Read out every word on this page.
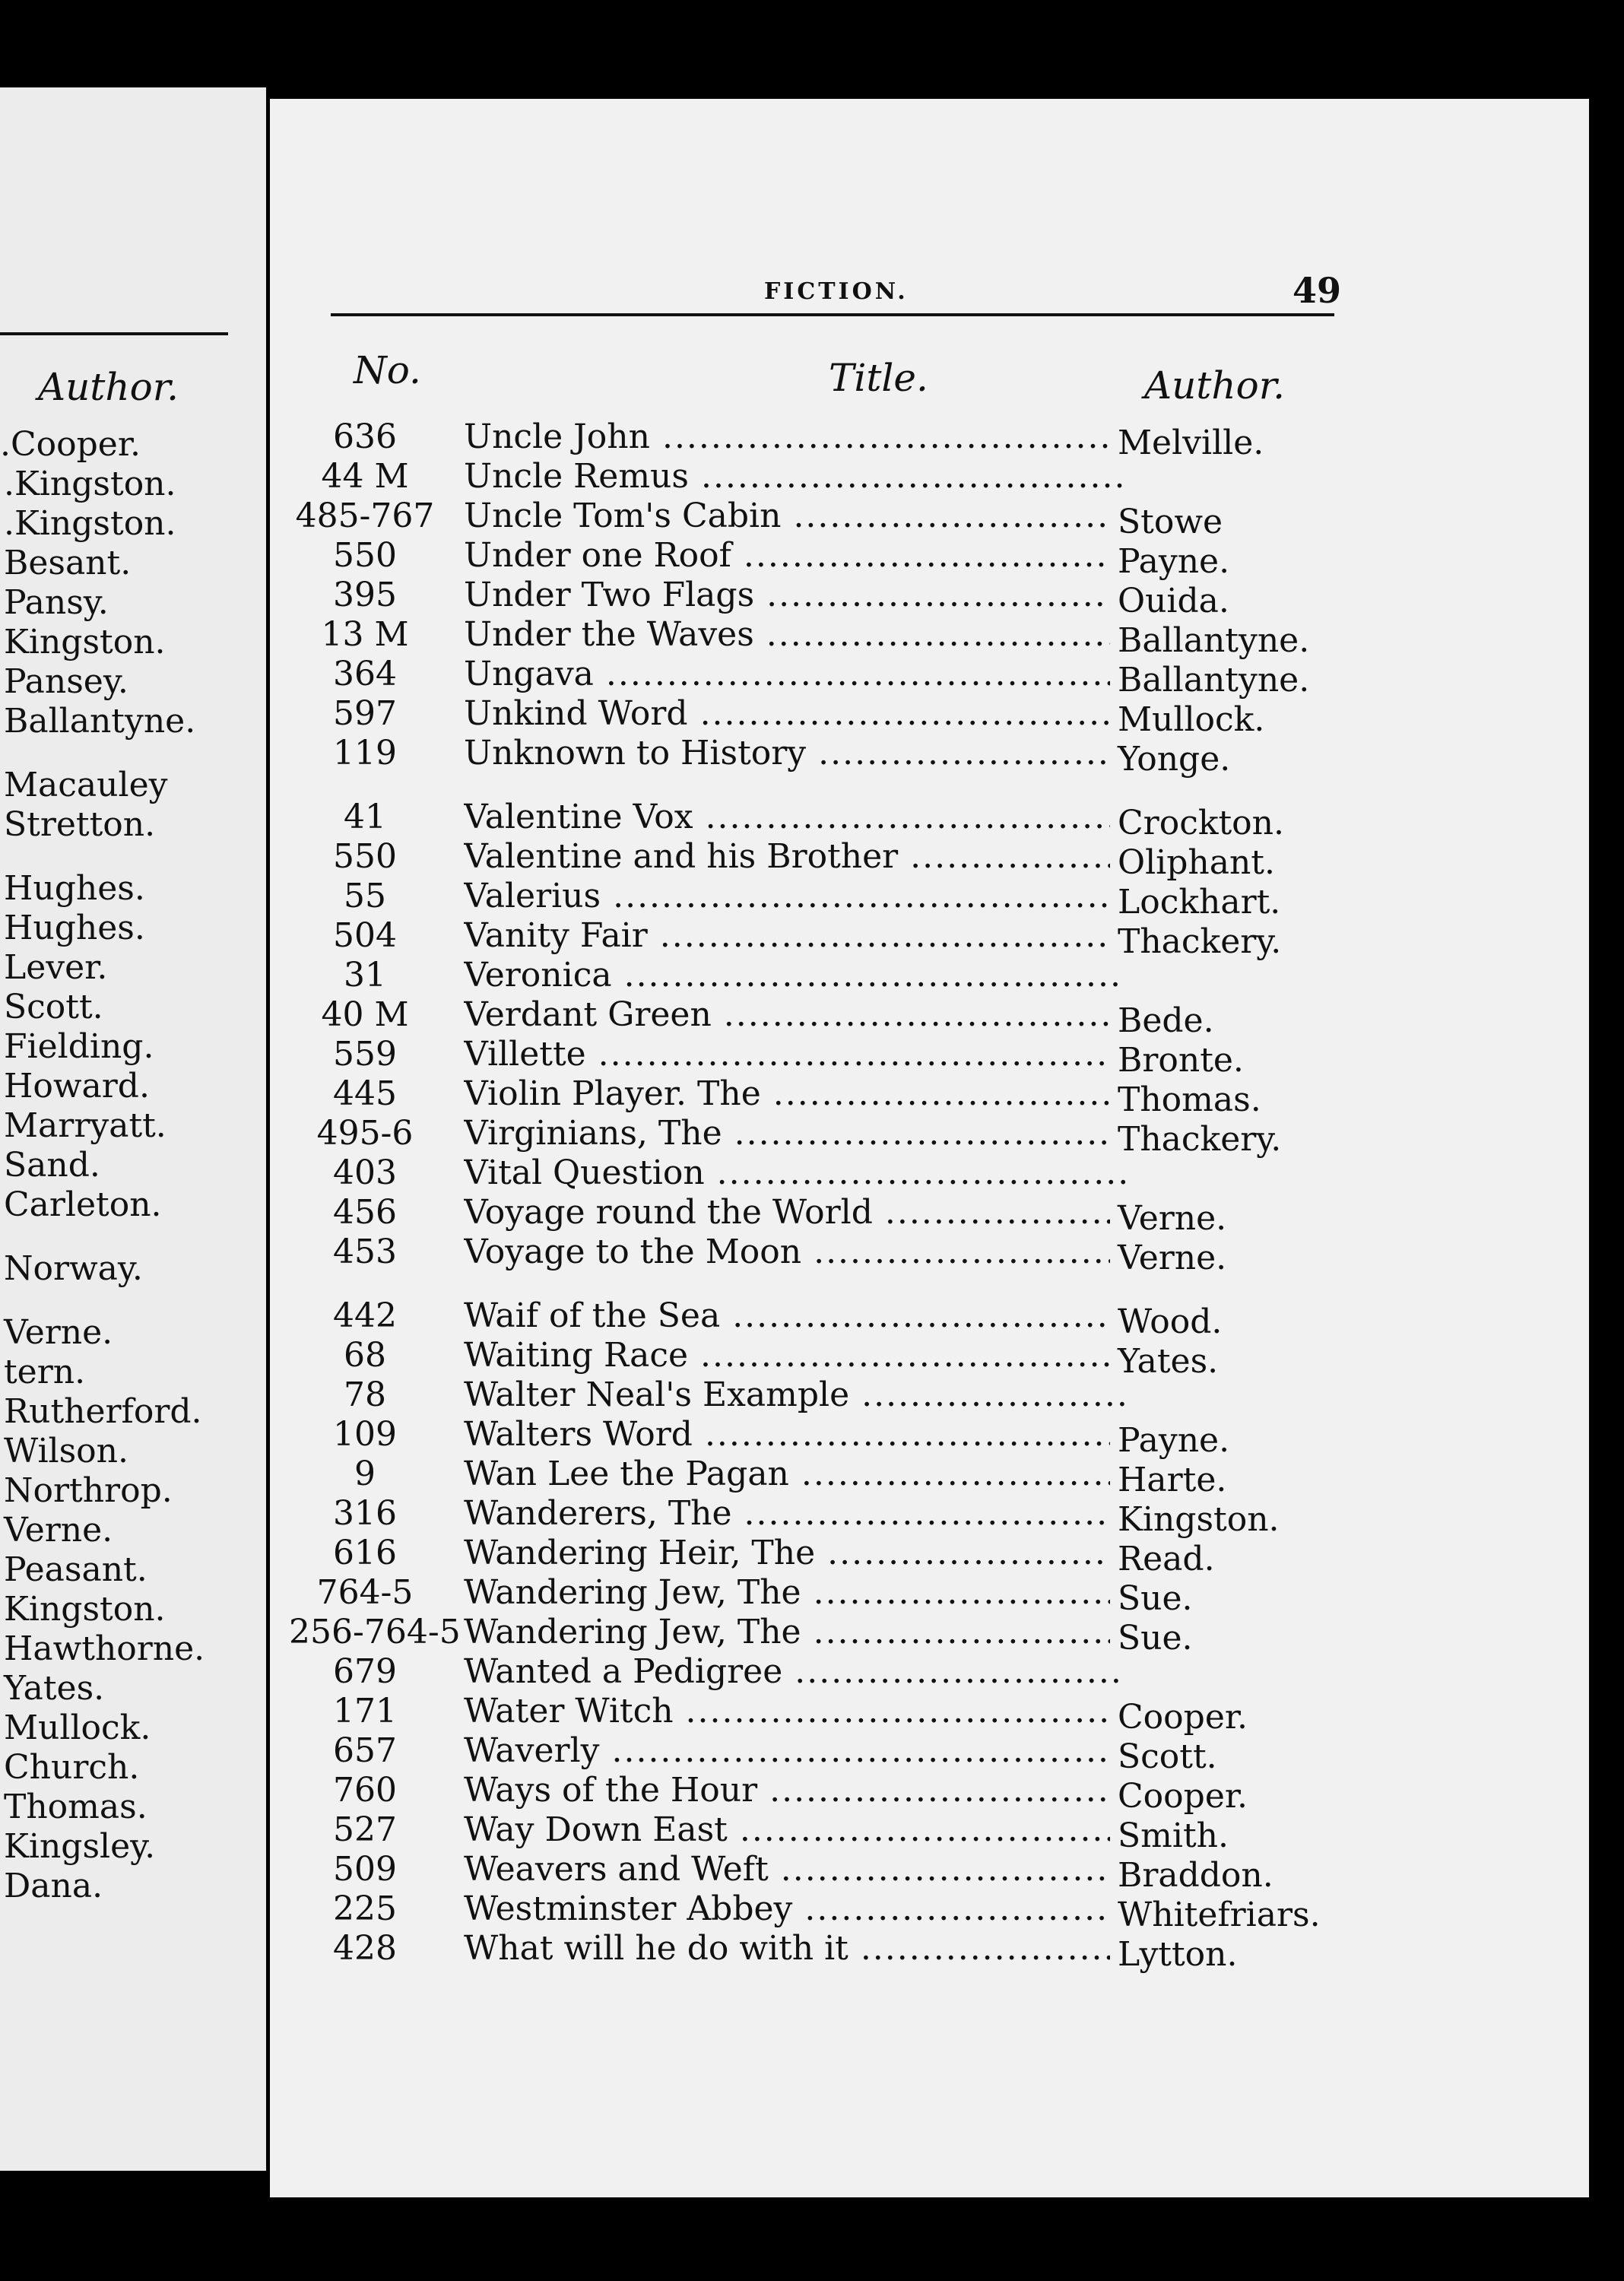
Author.
.Cooper.
.Kingston.
.Kingston.
Besant.
Pansy.
Kingston.
Pansey.
Ballantyne.
Macauley
Stretton.
Hughes.
Hughes.
Lever.
Scott.
Fielding.
Howard.
Marryatt.
Sand.
Carleton.
Norway.
Verne.
tern.
Rutherford.
Wilson.
Northrop.
Verne.
Peasant.
Kingston.
Hawthorne.
Yates.
Mullock.
Church.
Thomas.
Kingsley.
Dana.
FICTION.	49
No.	Title.	Author.
636	Uncle John .....	Melville.
44 M	Uncle Remus .....
485-767 Uncle Tom's Cabin .....	Stowe
550	Under one Roof .....	Payne.
395	Under Two Flags .....	Ouida.
13 M	Under the Waves .....	Ballantyne.
364	Ungava .....	Ballantyne.
597	Unkind Word .....	Mullock.
119	Unknown to History .....	Yonge.
41	Valentine Vox .....	Crockton.
550	Valentine and his Brother .....	Oliphant.
55	Valerius .....	Lockhart.
504	Vanity Fair .....	Thackery.
31	Veronica .....
40 M	Verdant Green .....	Bede.
559	Villette .....	Bronte.
445	Violin Player. The .....	Thomas.
495-6	Virginians, The .....	Thackery.
403	Vital Question .....
456	Voyage round the World .....	Verne.
453	Voyage to the Moon .....	Verne.
442	Waif of the Sea .....	Wood.
68	Waiting Race .....	Yates.
78	Walter Neal's Example .....
109	Walters Word .....	Payne.
9	Wan Lee the Pagan .....	Harte.
316	Wanderers, The .....	Kingston.
616	Wandering Heir, The .....	Read.
764-5	Wandering Jew, The .....	Sue.
256-764-5 Wandering Jew, The .....	Sue.
679	Wanted a Pedigree .....
171	Water Witch .....	Cooper.
657	Waverly .....	Scott.
760	Ways of the Hour .....	Cooper.
527	Way Down East .....	Smith.
509	Weavers and Weft .....	Braddon.
225	Westminster Abbey .....	Whitefriars.
428	What will he do with it .....	Lytton.
